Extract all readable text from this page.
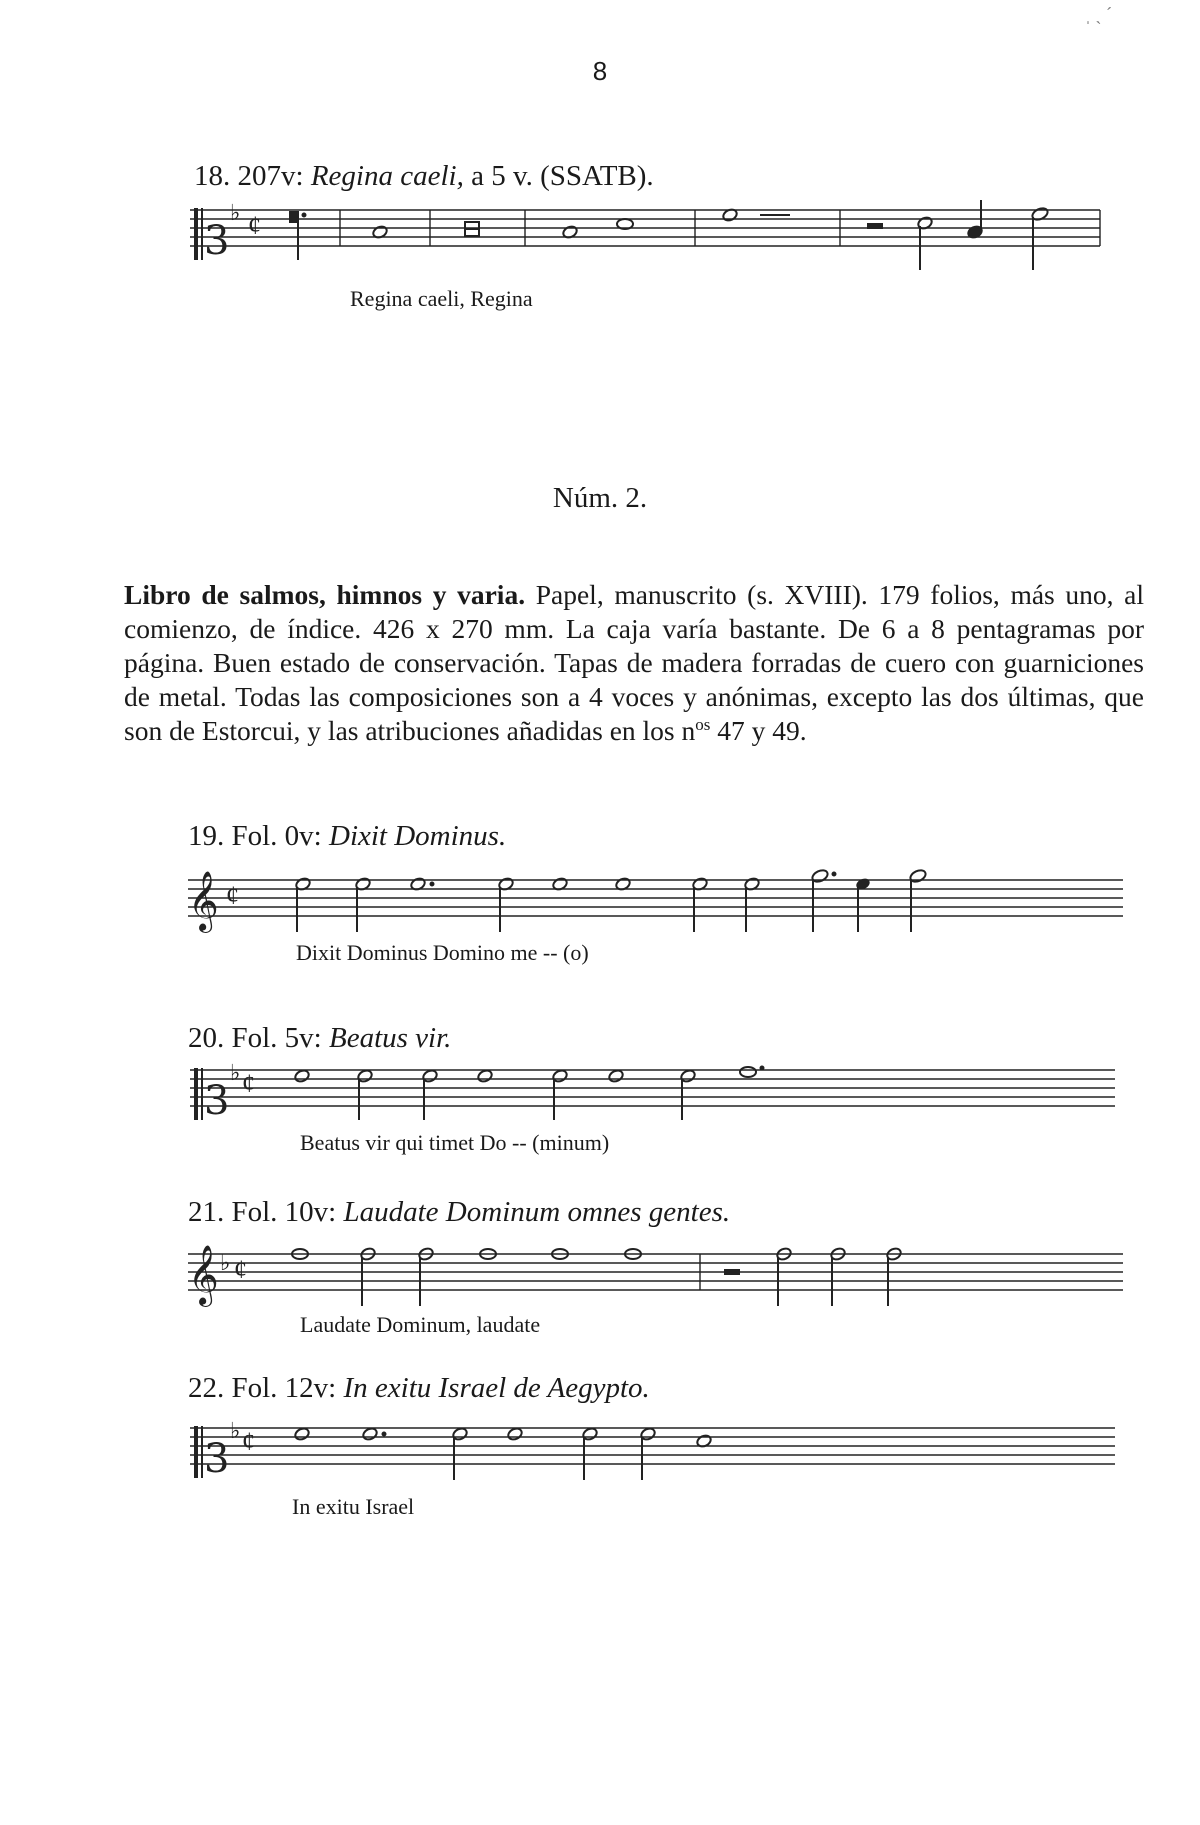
ˌ ˏ ˊ
8
18. 207v: Regina caeli, a 5 v. (SSATB).
3
♭ ¢
Regina caeli, Regina
Núm. 2.
Libro de salmos, himnos y varia. Papel, manuscrito (s. XVIII). 179 folios, más uno, al comienzo, de índice. 426 x 270 mm. La caja varía bastante. De 6 a 8 pentagramas por página. Buen estado de conservación. Tapas de madera forradas de cuero con guarniciones de metal. Todas las composiciones son a 4 voces y anónimas, excepto las dos últimas, que son de Estorcui, y las atribuciones añadidas en los $n^{os}$ 47 y 49.
19. Fol. 0v: Dixit Dominus.
𝄞 ¢
Dixit Dominus Domino me -- (o)
20. Fol. 5v: Beatus vir.
3
♭ ¢
Beatus vir qui timet Do -- (minum)
21. Fol. 10v: Laudate Dominum omnes gentes.
𝄞 ♭ ¢
Laudate Dominum, laudate
22. Fol. 12v: In exitu Israel de Aegypto.
3
♭ ¢
In exitu Israel
